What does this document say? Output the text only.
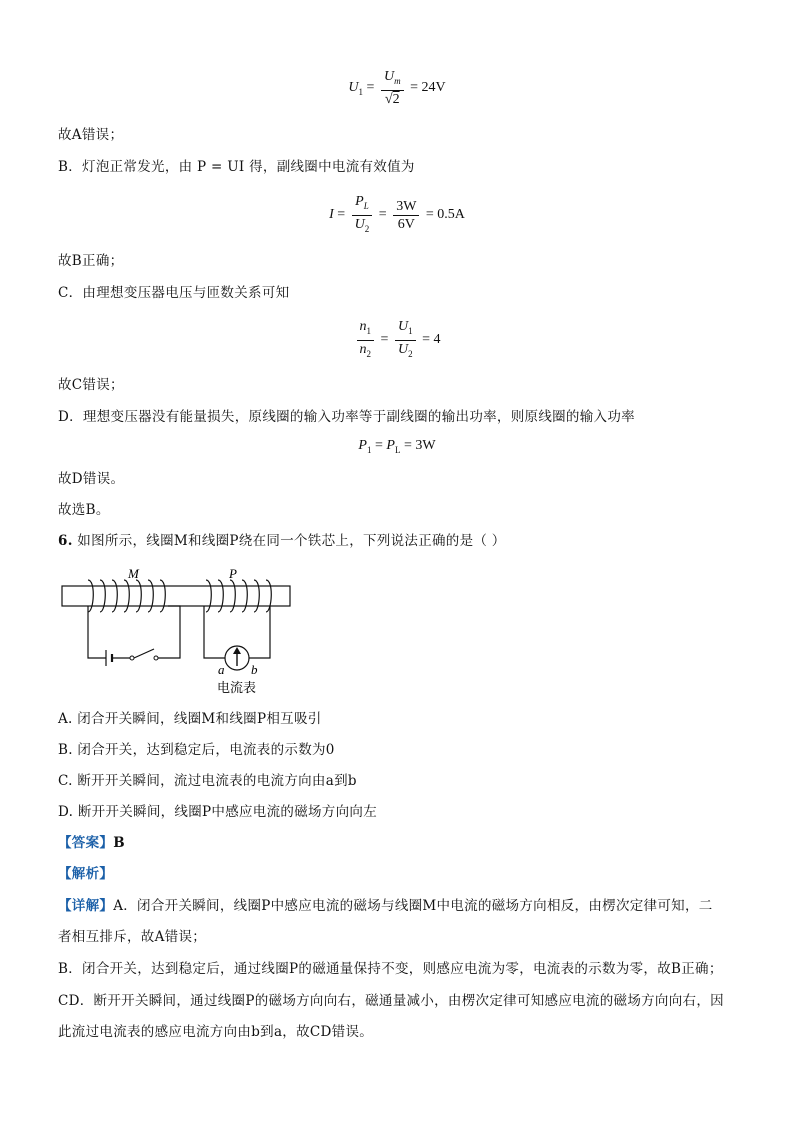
$U_1 = \frac{U_m}{√2} = 24V$
故A错误；
B．灯泡正常发光，由 P = UI 得，副线圈中电流有效值为
$I = \frac{P_L}{U_2} = \frac{3W}{6V} = 0.5A$
故B正确；
C．由理想变压器电压与匝数关系可知
$\frac{n_1}{n_2} = \frac{U_1}{U_2} = 4$
故C错误；
D．理想变压器没有能量损失，原线圈的输入功率等于副线圈的输出功率，则原线圈的输入功率
$P_1 = P_L = 3W$
故D错误。
故选B。
6. 如图所示，线圈M和线圈P绕在同一个铁芯上，下列说法正确的是（ ）
M	P
a b
电流表
A. 闭合开关瞬间，线圈M和线圈P相互吸引
B. 闭合开关，达到稳定后，电流表的示数为0
C. 断开开关瞬间，流过电流表的电流方向由a到b
D. 断开开关瞬间，线圈P中感应电流的磁场方向向左
【答案】B
【解析】
【详解】A．闭合开关瞬间，线圈P中感应电流的磁场与线圈M中电流的磁场方向相反，由楞次定律可知，二
者相互排斥，故A错误；
B．闭合开关，达到稳定后，通过线圈P的磁通量保持不变，则感应电流为零，电流表的示数为零，故B正确；
CD．断开开关瞬间，通过线圈P的磁场方向向右，磁通量减小，由楞次定律可知感应电流的磁场方向向右，因
此流过电流表的感应电流方向由b到a，故CD错误。
